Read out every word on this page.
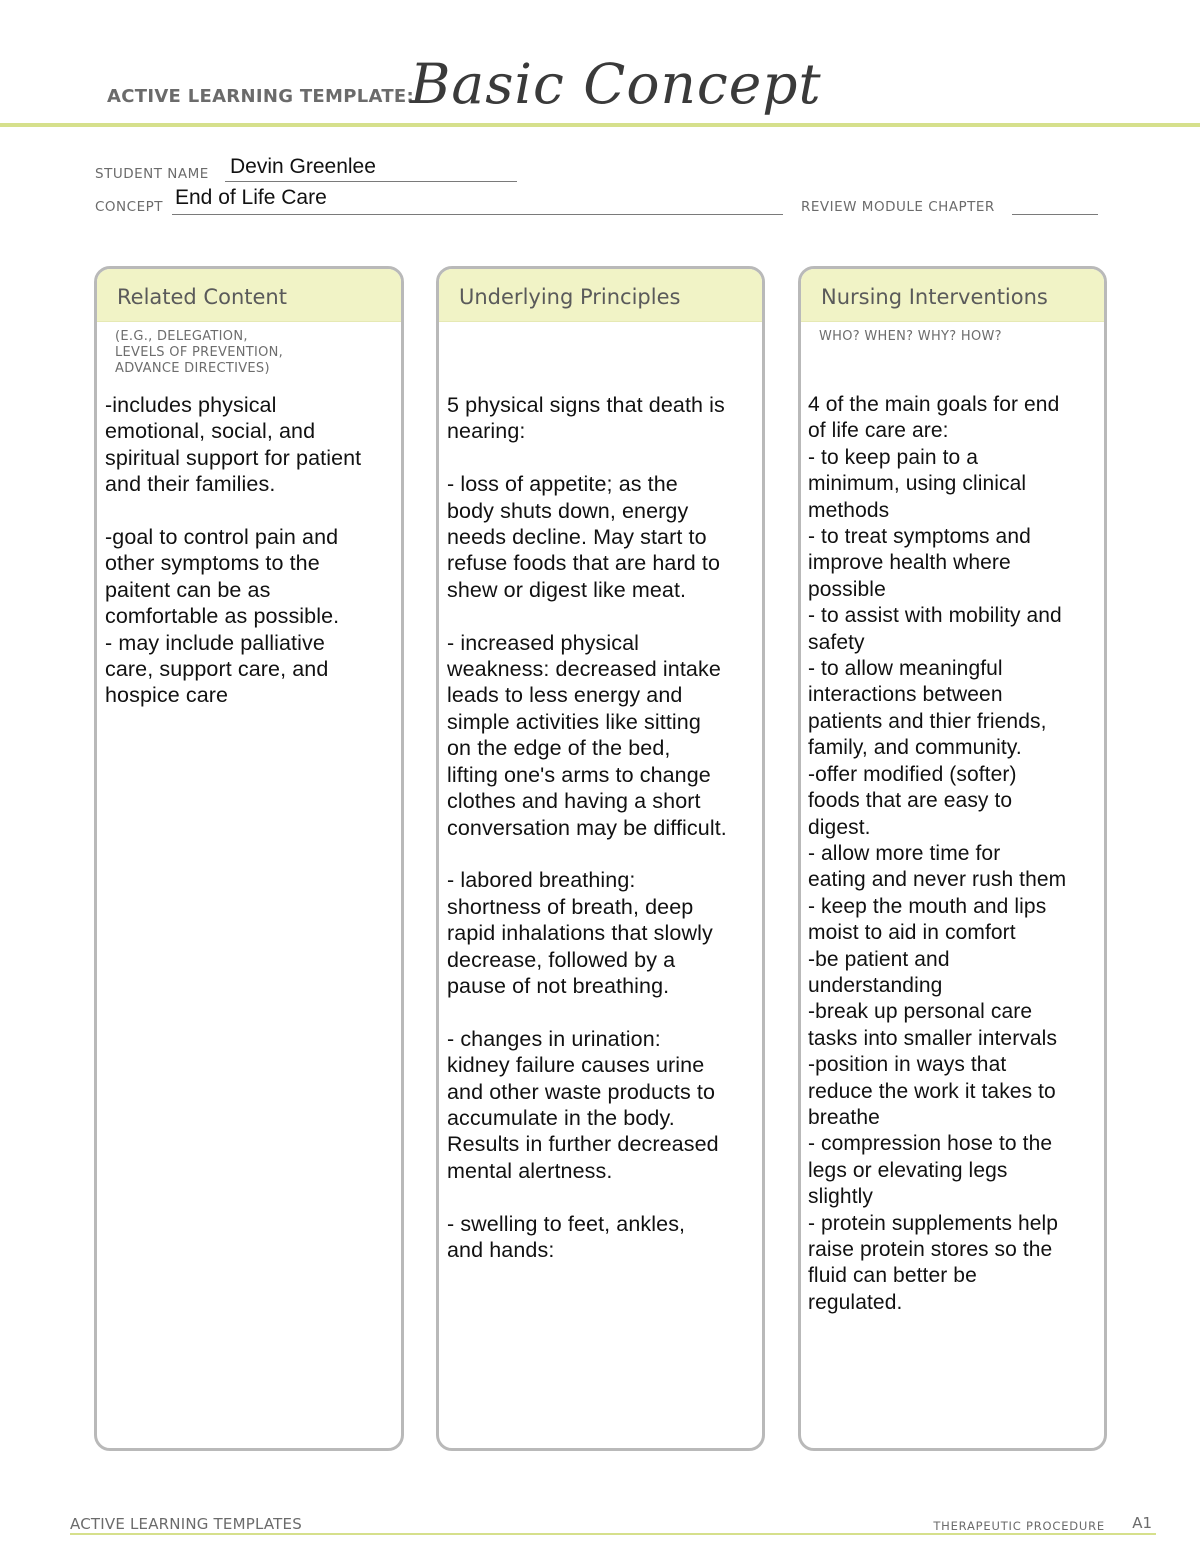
ACTIVE LEARNING TEMPLATE:
Basic Concept
STUDENT NAME Devin Greenlee
CONCEPT End of Life Care	REVIEW MODULE CHAPTER
Related Content
(E.G., DELEGATION,
LEVELS OF PREVENTION,
ADVANCE DIRECTIVES)
-includes physical
emotional, social, and
spiritual support for patient
and their families.

-goal to control pain and
other symptoms to the
paitent can be as
comfortable as possible.
- may include palliative
care, support care, and
hospice care
Underlying Principles
5 physical signs that death is
nearing:

- loss of appetite; as the
body shuts down, energy
needs decline. May start to
refuse foods that are hard to
shew or digest like meat.

- increased physical
weakness: decreased intake
leads to less energy and
simple activities like sitting
on the edge of the bed,
lifting one's arms to change
clothes and having a short
conversation may be difficult.

- labored breathing:
shortness of breath, deep
rapid inhalations that slowly
decrease, followed by a
pause of not breathing.

- changes in urination:
kidney failure causes urine
and other waste products to
accumulate in the body.
Results in further decreased
mental alertness.

- swelling to feet, ankles,
and hands:
Nursing Interventions
WHO? WHEN? WHY? HOW?
4 of the main goals for end
of life care are:
- to keep pain to a
minimum, using clinical
methods
- to treat symptoms and
improve health where
possible
- to assist with mobility and
safety
- to allow meaningful
interactions between
patients and thier friends,
family, and community.
-offer modified (softer)
foods that are easy to
digest.
- allow more time for
eating and never rush them
- keep the mouth and lips
moist to aid in comfort
-be patient and
understanding
-break up personal care
tasks into smaller intervals
-position in ways that
reduce the work it takes to
breathe
- compression hose to the
legs or elevating legs
slightly
- protein supplements help
raise protein stores so the
fluid can better be
regulated.
ACTIVE LEARNING TEMPLATES	THERAPEUTIC PROCEDURE A1
